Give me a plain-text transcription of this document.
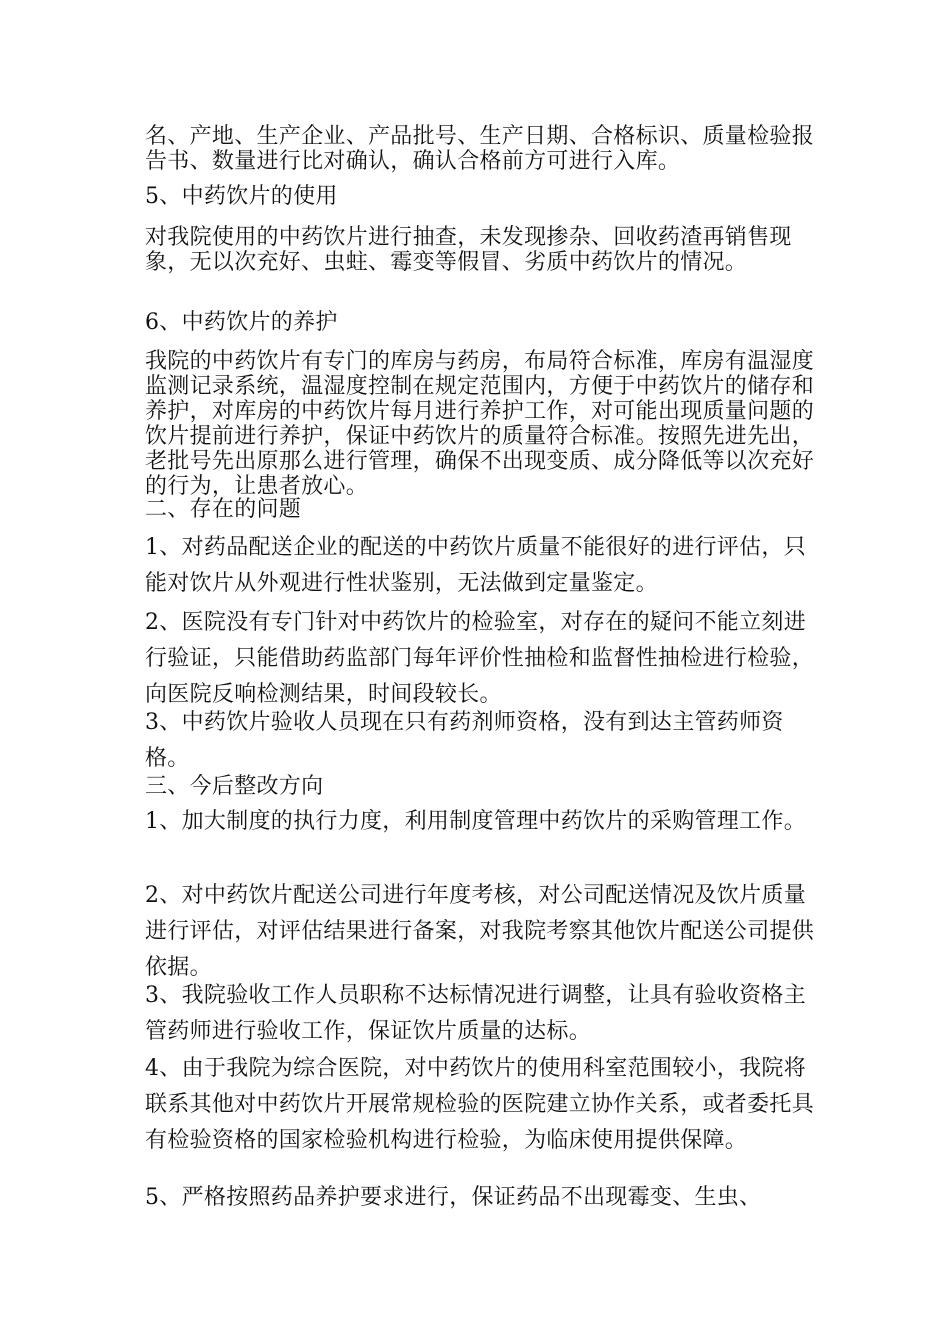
名、产地、生产企业、产品批号、生产日期、合格标识、质量检验报告书、数量进行比对确认，确认合格前方可进行入库。

5、中药饮片的使用

对我院使用的中药饮片进行抽查，未发现掺杂、回收药渣再销售现象，无以次充好、虫蛀、霉变等假冒、劣质中药饮片的情况。

6、中药饮片的养护

我院的中药饮片有专门的库房与药房，布局符合标准，库房有温湿度监测记录系统，温湿度控制在规定范围内，方便于中药饮片的储存和养护，对库房的中药饮片每月进行养护工作，对可能出现质量问题的饮片提前进行养护，保证中药饮片的质量符合标准。按照先进先出，老批号先出原那么进行管理，确保不出现变质、成分降低等以次充好的行为，让患者放心。

二、存在的问题

1、对药品配送企业的配送的中药饮片质量不能很好的进行评估，只能对饮片从外观进行性状鉴别，无法做到定量鉴定。

2、医院没有专门针对中药饮片的检验室，对存在的疑问不能立刻进行验证，只能借助药监部门每年评价性抽检和监督性抽检进行检验，向医院反响检测结果，时间段较长。

3、中药饮片验收人员现在只有药剂师资格，没有到达主管药师资格。

三、今后整改方向

1、加大制度的执行力度，利用制度管理中药饮片的采购管理工作。

2、对中药饮片配送公司进行年度考核，对公司配送情况及饮片质量进行评估，对评估结果进行备案，对我院考察其他饮片配送公司提供依据。

3、我院验收工作人员职称不达标情况进行调整，让具有验收资格主管药师进行验收工作，保证饮片质量的达标。

4、由于我院为综合医院，对中药饮片的使用科室范围较小，我院将联系其他对中药饮片开展常规检验的医院建立协作关系，或者委托具有检验资格的国家检验机构进行检验，为临床使用提供保障。

5、严格按照药品养护要求进行，保证药品不出现霉变、生虫、
